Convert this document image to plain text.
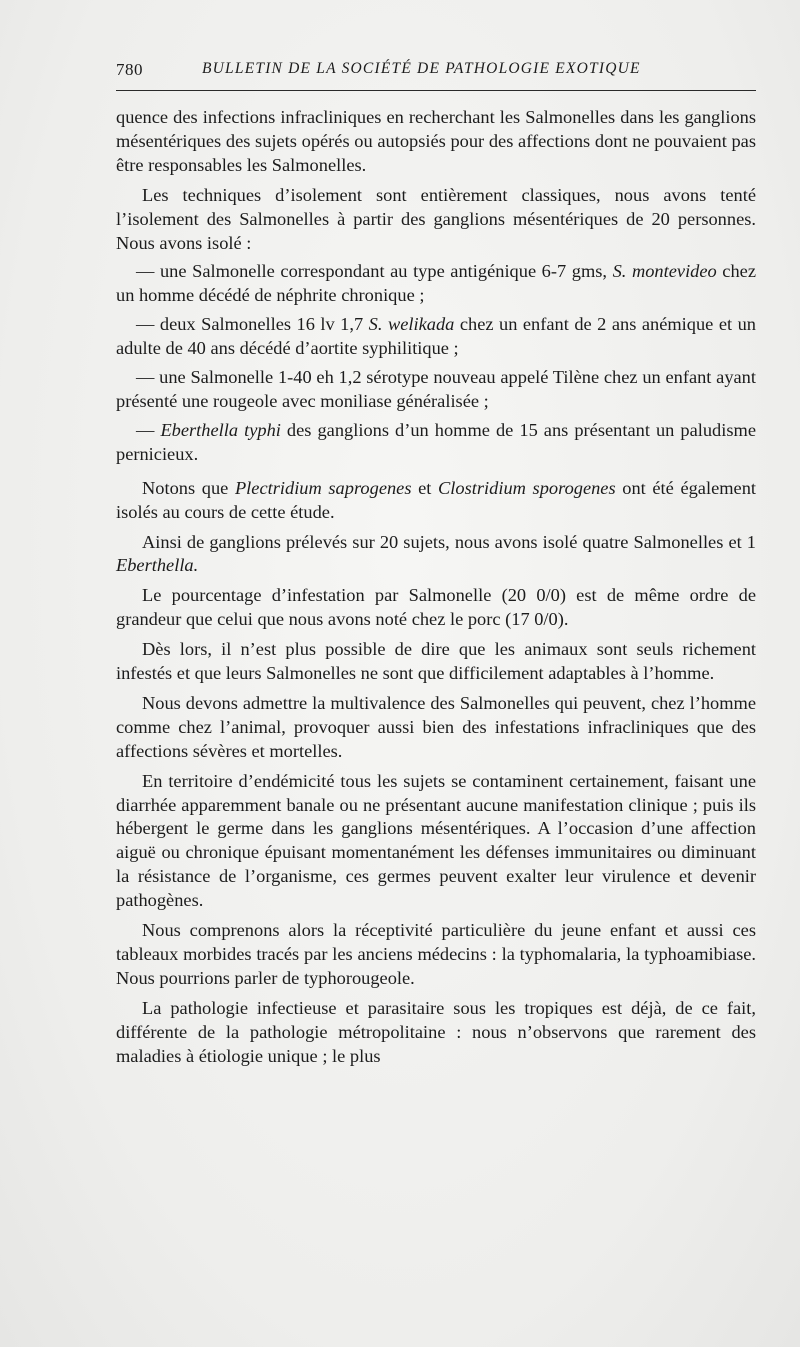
780	BULLETIN DE LA SOCIÉTÉ DE PATHOLOGIE EXOTIQUE

quence des infections infracliniques en recherchant les Salmonelles dans les ganglions mésentériques des sujets opérés ou autopsiés pour des affections dont ne pouvaient pas être responsables les Salmonelles.

Les techniques d’isolement sont entièrement classiques, nous avons tenté l’isolement des Salmonelles à partir des ganglions mésentériques de 20 personnes. Nous avons isolé :

— une Salmonelle correspondant au type antigénique 6-7 gms, S. montevideo chez un homme décédé de néphrite chronique ;

— deux Salmonelles 16 lv 1,7 S. welikada chez un enfant de 2 ans anémique et un adulte de 40 ans décédé d’aortite syphilitique ;

— une Salmonelle 1-40 eh 1,2 sérotype nouveau appelé Tilène chez un enfant ayant présenté une rougeole avec moniliase généralisée ;

— Eberthella typhi des ganglions d’un homme de 15 ans présentant un paludisme pernicieux.

Notons que Plectridium saprogenes et Clostridium sporogenes ont été également isolés au cours de cette étude.

Ainsi de ganglions prélevés sur 20 sujets, nous avons isolé quatre Salmonelles et 1 Eberthella.

Le pourcentage d’infestation par Salmonelle (20 0/0) est de même ordre de grandeur que celui que nous avons noté chez le porc (17 0/0).

Dès lors, il n’est plus possible de dire que les animaux sont seuls richement infestés et que leurs Salmonelles ne sont que difficilement adaptables à l’homme.

Nous devons admettre la multivalence des Salmonelles qui peuvent, chez l’homme comme chez l’animal, provoquer aussi bien des infestations infracliniques que des affections sévères et mortelles.

En territoire d’endémicité tous les sujets se contaminent certainement, faisant une diarrhée apparemment banale ou ne présentant aucune manifestation clinique ; puis ils hébergent le germe dans les ganglions mésentériques. A l’occasion d’une affection aiguë ou chronique épuisant momentanément les défenses immunitaires ou diminuant la résistance de l’organisme, ces germes peuvent exalter leur virulence et devenir pathogènes.

Nous comprenons alors la réceptivité particulière du jeune enfant et aussi ces tableaux morbides tracés par les anciens médecins : la typhomalaria, la typhoamibiase. Nous pourrions parler de typhorougeole.

La pathologie infectieuse et parasitaire sous les tropiques est déjà, de ce fait, différente de la pathologie métropolitaine : nous n’observons que rarement des maladies à étiologie unique ; le plus
